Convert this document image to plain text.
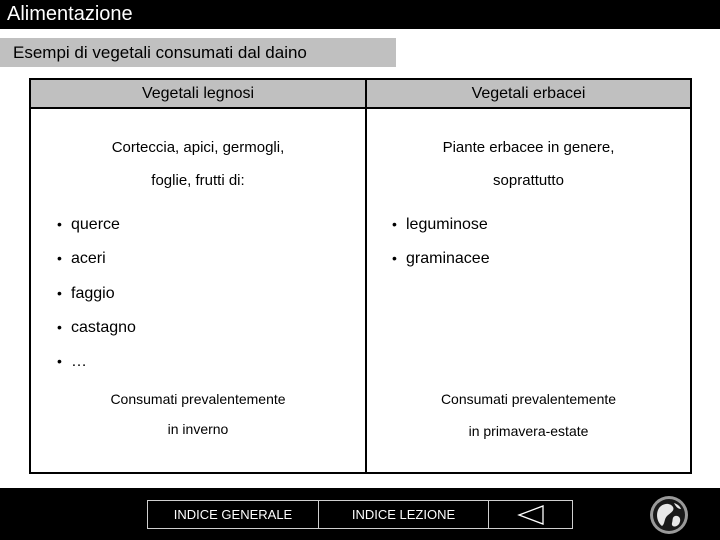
Alimentazione
Esempi di vegetali consumati dal daino
Vegetali legnosi	Vegetali erbacei
Corteccia, apici, germogli,
foglie, frutti di:
• querce
• aceri
• faggio
• castagno
• …
Consumati prevalentemente
in inverno
Piante erbacee in genere,
soprattutto
• leguminose
• graminacee
Consumati prevalentemente
in primavera-estate
INDICE GENERALE	INDICE LEZIONE
